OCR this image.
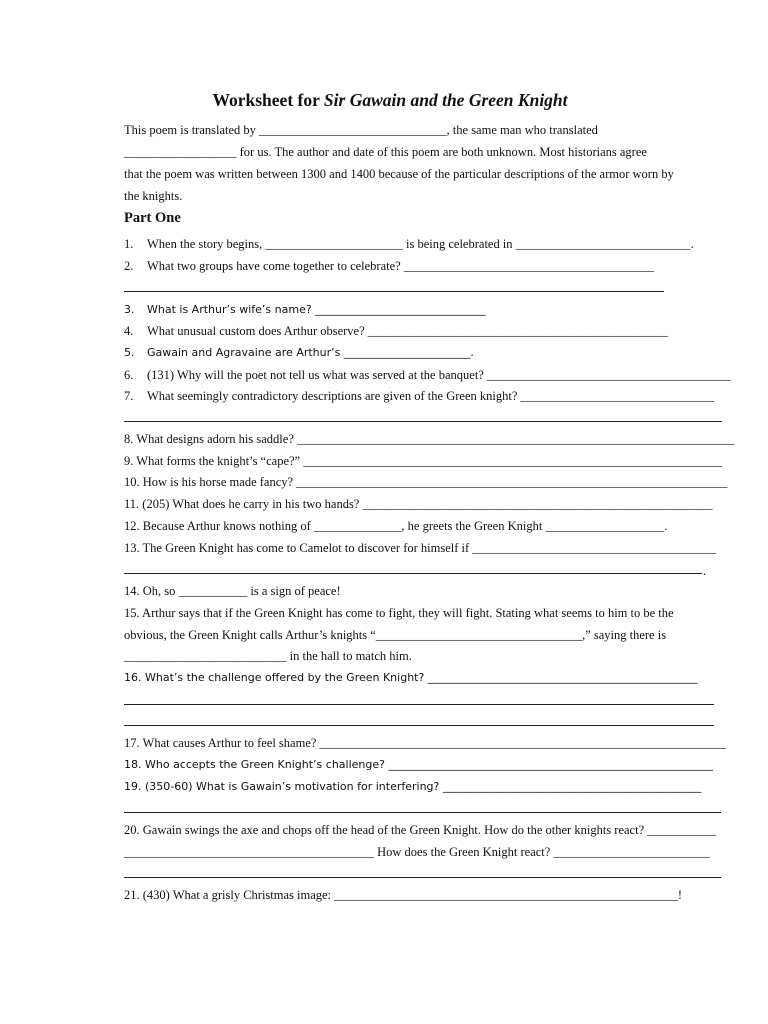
Worksheet for Sir Gawain and the Green Knight

This poem is translated by ______________________________, the same man who translated

__________________ for us. The author and date of this poem are both unknown. Most historians agree

that the poem was written between 1300 and 1400 because of the particular descriptions of the armor worn by

the knights.

Part One
1. When the story begins, ______________________ is being celebrated in ____________________________.
2. What two groups have come together to celebrate? ________________________________________
3. What is Arthur’s wife’s name? _______________________________
4. What unusual custom does Arthur observe? ________________________________________________
5. Gawain and Agravaine are Arthur’s _______________________.
6. (131) Why will the poet not tell us what was served at the banquet? _______________________________________
7. What seemingly contradictory descriptions are given of the Green knight? _______________________________
8. What designs adorn his saddle? ______________________________________________________________________
9. What forms the knight’s “cape?” ___________________________________________________________________
10. How is his horse made fancy? _____________________________________________________________________
11. (205) What does he carry in his two hands? ________________________________________________________
12. Because Arthur knows nothing of ______________, he greets the Green Knight ___________________.
13. The Green Knight has come to Camelot to discover for himself if _______________________________________
.
14. Oh, so ___________ is a sign of peace!
15. Arthur says that if the Green Knight has come to fight, they will fight. Stating what seems to him to be the
obvious, the Green Knight calls Arthur’s knights “_________________________________,” saying there is
__________________________ in the hall to match him.
16. What’s the challenge offered by the Green Knight? _________________________________________________
17. What causes Arthur to feel shame? _________________________________________________________________
18. Who accepts the Green Knight’s challenge? ___________________________________________________________
19. (350-60) What is Gawain’s motivation for interfering? _______________________________________________
20. Gawain swings the axe and chops off the head of the Green Knight. How do the other knights react? ___________
________________________________________ How does the Green Knight react? _________________________
21. (430) What a grisly Christmas image: _______________________________________________________!
